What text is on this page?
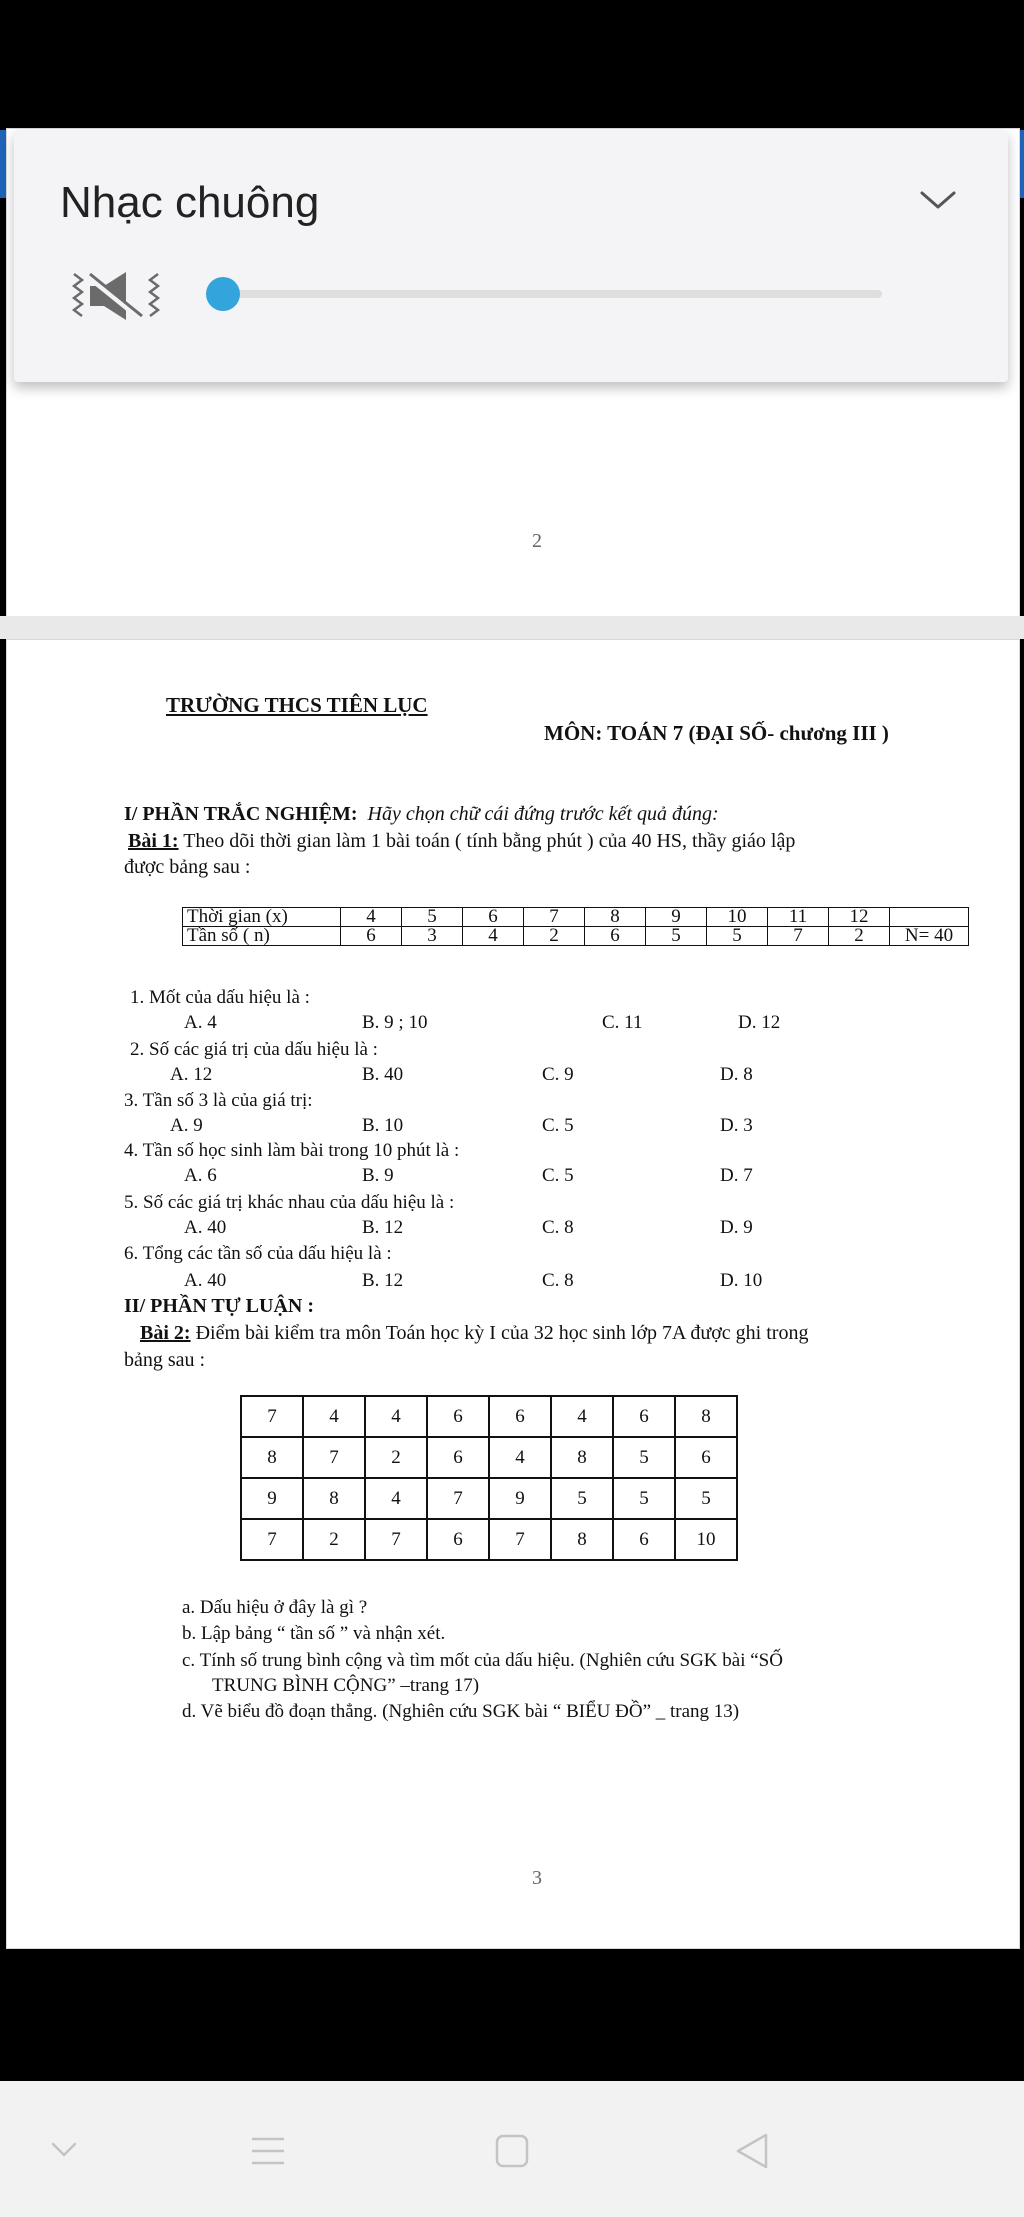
2
TRƯỜNG THCS TIÊN LỤC
MÔN: TOÁN 7 (ĐẠI SỐ- chương III )
I/ PHẦN TRẮC NGHIỆM: Hãy chọn chữ cái đứng trước kết quả đúng:
Bài 1: Theo dõi thời gian làm 1 bài toán ( tính bằng phút ) của 40 HS, thầy giáo lập
được bảng sau :
Thời gian (x)	4	5	6	7	8	9	10	11	12	
Tần số ( n)	6	3	4	2	6	5	5	7	2	N= 40
1. Mốt của dấu hiệu là :
A. 4	B. 9 ; 10	C. 11	D. 12
2. Số các giá trị của dấu hiệu là :
A. 12	B. 40	C. 9	D. 8
3. Tần số 3 là của giá trị:
A. 9	B. 10	C. 5	D. 3
4. Tần số học sinh làm bài trong 10 phút là :
A. 6	B. 9	C. 5	D. 7
5. Số các giá trị khác nhau của dấu hiệu là :
A. 40	B. 12	C. 8	D. 9
6. Tổng các tần số của dấu hiệu là :
A. 40	B. 12	C. 8	D. 10
II/ PHẦN TỰ LUẬN :
Bài 2: Điểm bài kiểm tra môn Toán học kỳ I của 32 học sinh lớp 7A được ghi trong
bảng sau :
7	4	4	6	6	4	6	8
8	7	2	6	4	8	5	6
9	8	4	7	9	5	5	5
7	2	7	6	7	8	6	10
a. Dấu hiệu ở đây là gì ?
b. Lập bảng “ tần số ” và nhận xét.
c. Tính số trung bình cộng và tìm mốt của dấu hiệu. (Nghiên cứu SGK bài “SỐ
TRUNG BÌNH CỘNG” –trang 17)
d. Vẽ biểu đồ đoạn thẳng. (Nghiên cứu SGK bài “ BIỂU ĐỒ” _ trang 13)
3
Nhạc chuông
